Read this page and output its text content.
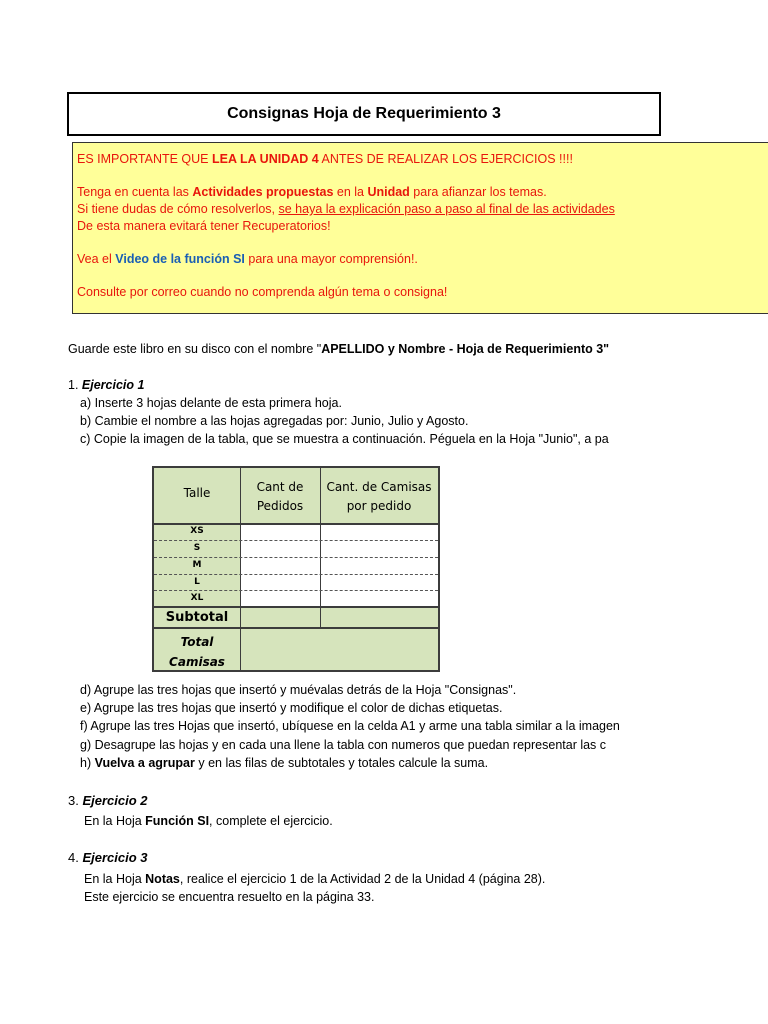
Consignas Hoja de Requerimiento 3
ES IMPORTANTE QUE LEA LA UNIDAD 4 ANTES DE REALIZAR LOS EJERCICIOS !!!!
Tenga en cuenta las Actividades propuestas en la Unidad para afianzar los temas.
Si tiene dudas de cómo resolverlos, se haya la explicación paso a paso al final de las actividades
De esta manera evitará tener Recuperatorios!
Vea el Video de la función SI para una mayor comprensión!.
Consulte por correo cuando no comprenda algún tema o consigna!
Guarde este libro en su disco con el nombre "APELLIDO y Nombre - Hoja de Requerimiento 3"
1. Ejercicio 1
a) Inserte 3 hojas delante de esta primera hoja.
b) Cambie el nombre a las hojas agregadas por: Junio, Julio y Agosto.
c) Copie la imagen de la tabla, que se muestra a continuación. Péguela en la Hoja "Junio", a pa
Talle	Cant de
Pedidos
Cant. de Camisas
por pedido
XS
S
M
L
XL
Subtotal
Total
Camisas
d) Agrupe las tres hojas que insertó y muévalas detrás de la Hoja "Consignas".
e) Agrupe las tres hojas que insertó y modifique el color de dichas etiquetas.
f) Agrupe las tres Hojas que insertó, ubíquese en la celda A1 y arme una tabla similar a la imagen
g) Desagrupe las hojas y en cada una llene la tabla con numeros que puedan representar las c
h) Vuelva a agrupar y en las filas de subtotales y totales calcule la suma.
3. Ejercicio 2
En la Hoja Función SI, complete el ejercicio.
4. Ejercicio 3
En la Hoja Notas, realice el ejercicio 1 de la Actividad 2 de la Unidad 4 (página 28).
Este ejercicio se encuentra resuelto en la página 33.
